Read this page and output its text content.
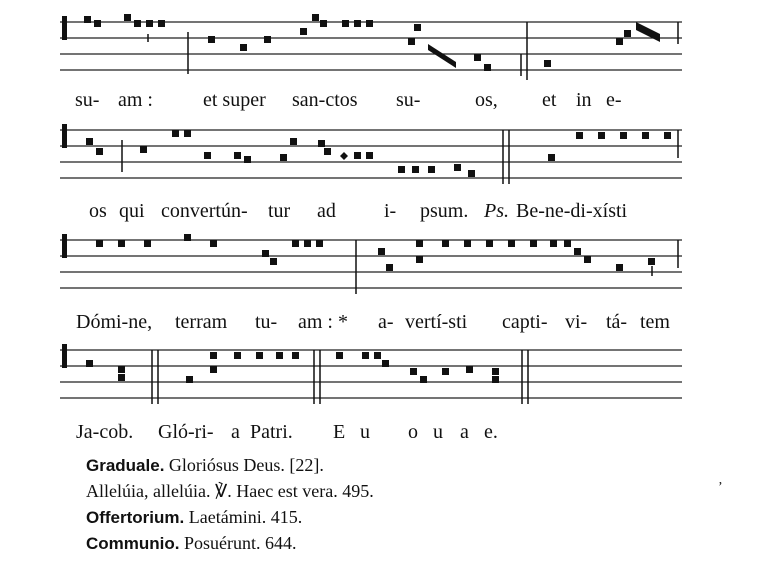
su- am :	et super san-ctos su-	os, et in e-
os qui convertún- tur ad i- psum. Ps. Be-ne-di-xísti
Dómi-ne, terram tu- am : * a- vertí-sti capti- vi- tá- tem
Ja-cob. Gló-ri- a Patri. E u o u a e.
Graduale. Gloriósus Deus. [22].
Allelúia, allelúia. ℣. Haec est vera. 495.
Offertorium. Laetámini. 415.
Communio. Posuérunt. 644.
’
